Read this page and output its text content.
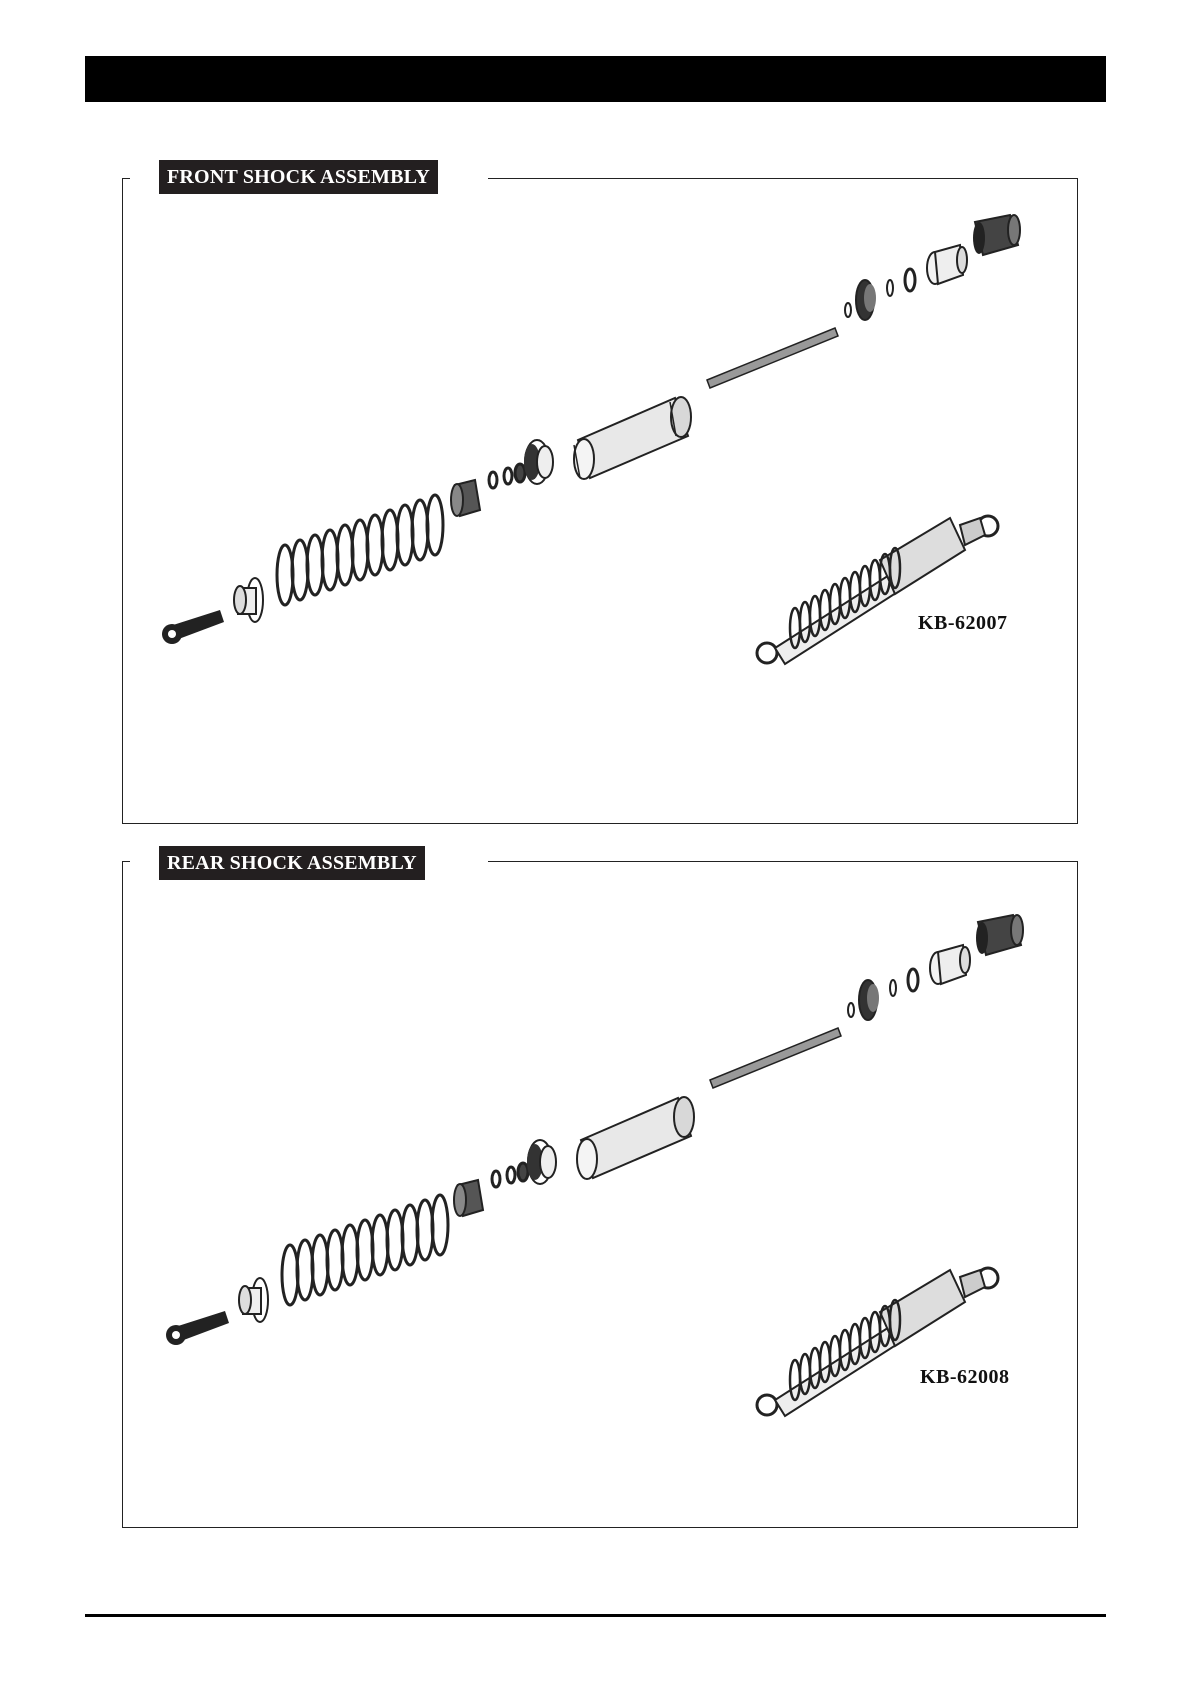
FRONT SHOCK ASSEMBLY
KB-62007
REAR SHOCK ASSEMBLY
KB-62008
